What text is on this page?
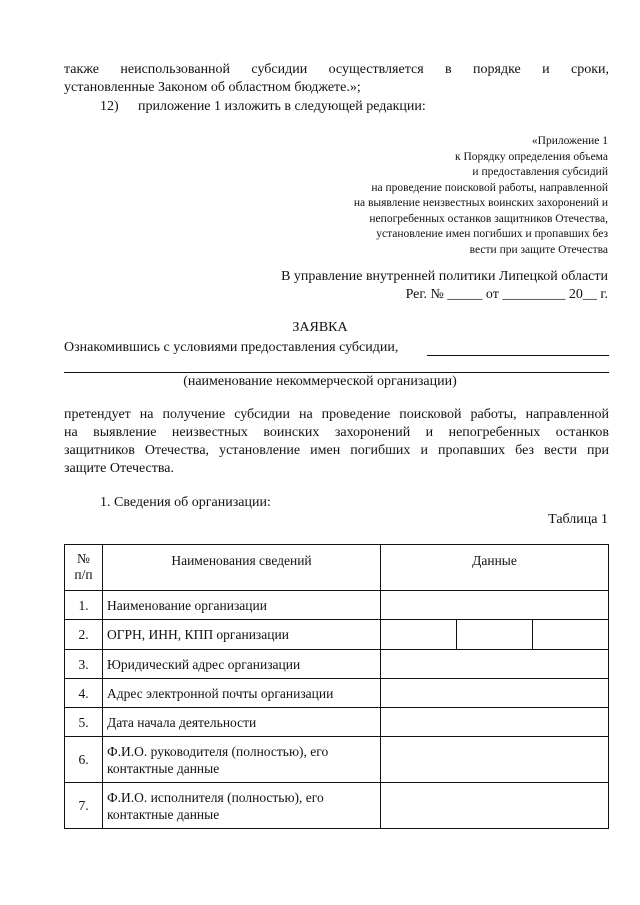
также неиспользованной субсидии осуществляется в порядке и сроки,
установленные Законом об областном бюджете.»;
12) приложение 1 изложить в следующей редакции:
«Приложение 1
к Порядку определения объема
и предоставления субсидий
на проведение поисковой работы, направленной
на выявление неизвестных воинских захоронений и
непогребенных останков защитников Отечества,
установление имен погибших и пропавших без
вести при защите Отечества
В управление внутренней политики Липецкой области
Рег. № _____ от _________ 20__ г.
ЗАЯВКА
Ознакомившись с условиями предоставления субсидии,
(наименование некоммерческой организации)
претендует на получение субсидии на проведение поисковой работы, направленной
на выявление неизвестных воинских захоронений и непогребенных останков
защитников Отечества, установление имен погибших и пропавших без вести при
защите Отечества.
1. Сведения об организации:
Таблица 1
№
п/п	Наименования сведений	Данные
1.	Наименование организации	
2.	ОГРН, ИНН, КПП организации	

3.	Юридический адрес организации	
4.	Адрес электронной почты организации	
5.	Дата начала деятельности	
6.	Ф.И.О. руководителя (полностью), его
контактные данные	
7.	Ф.И.О. исполнителя (полностью), его
контактные данные	
